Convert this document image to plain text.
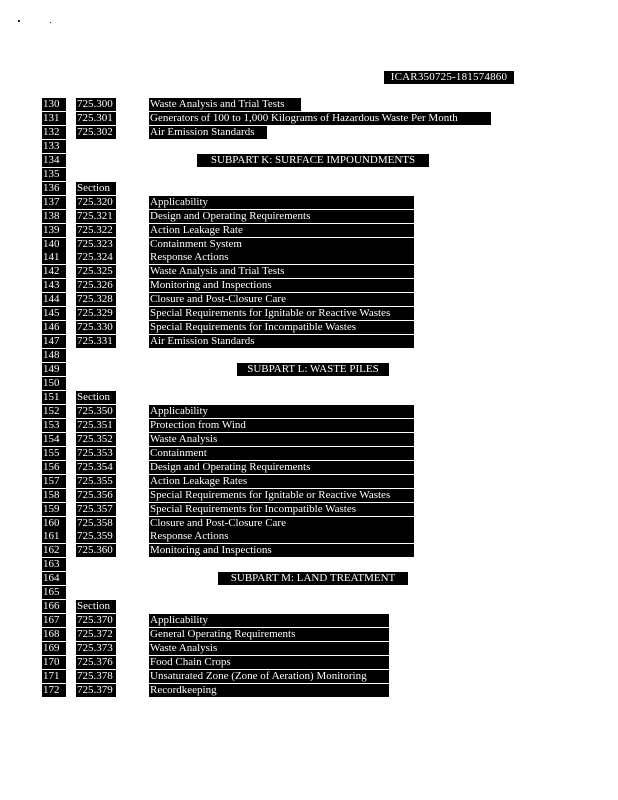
ICAR350725-181574860
130	725.300	Waste Analysis and Trial Tests
131	725.301	Generators of 100 to 1,000 Kilograms of Hazardous Waste Per Month
132	725.302	Air Emission Standards
133
134	SUBPART K: SURFACE IMPOUNDMENTS
135
136	Section
137	725.320	Applicability
138	725.321	Design and Operating Requirements
139	725.322	Action Leakage Rate
140	725.323	Containment System
141	725.324	Response Actions
142	725.325	Waste Analysis and Trial Tests
143	725.326	Monitoring and Inspections
144	725.328	Closure and Post-Closure Care
145	725.329	Special Requirements for Ignitable or Reactive Wastes
146	725.330	Special Requirements for Incompatible Wastes
147	725.331	Air Emission Standards
148
149	SUBPART L: WASTE PILES
150
151	Section
152	725.350	Applicability
153	725.351	Protection from Wind
154	725.352	Waste Analysis
155	725.353	Containment
156	725.354	Design and Operating Requirements
157	725.355	Action Leakage Rates
158	725.356	Special Requirements for Ignitable or Reactive Wastes
159	725.357	Special Requirements for Incompatible Wastes
160	725.358	Closure and Post-Closure Care
161	725.359	Response Actions
162	725.360	Monitoring and Inspections
163
164	SUBPART M: LAND TREATMENT
165
166	Section
167	725.370	Applicability
168	725.372	General Operating Requirements
169	725.373	Waste Analysis
170	725.376	Food Chain Crops
171	725.378	Unsaturated Zone (Zone of Aeration) Monitoring
172	725.379	Recordkeeping
